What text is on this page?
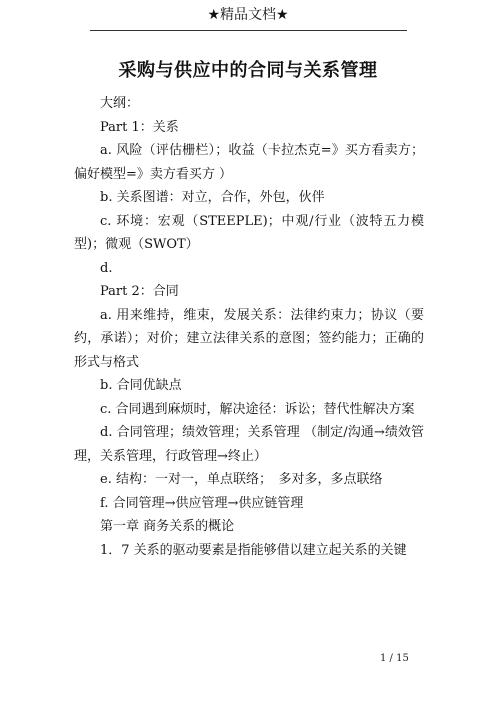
★精品文档★
采购与供应中的合同与关系管理

大纲：

Part 1：关系

a. 风险（评估栅栏）；收益（卡拉杰克=》买方看卖方；偏好模型=》卖方看买方 ）

b. 关系图谱：对立，合作，外包，伙伴

c. 环境：宏观（STEEPLE)；中观/行业（波特五力模型)；微观（SWOT）

d.

Part 2：合同

a. 用来维持，维束，发展关系：法律约束力；协议（要约，承诺）；对价；建立法律关系的意图；签约能力；正确的形式与格式

b. 合同优缺点

c. 合同遇到麻烦时，解决途径：诉讼；替代性解决方案

d. 合同管理；绩效管理；关系管理 （制定/沟通→绩效管理，关系管理，行政管理→终止）

e. 结构：一对一，单点联络；　多对多，多点联络

f. 合同管理→供应管理→供应链管理

第一章 商务关系的概论

1．7 关系的驱动要素是指能够借以建立起关系的关键

1 / 15
